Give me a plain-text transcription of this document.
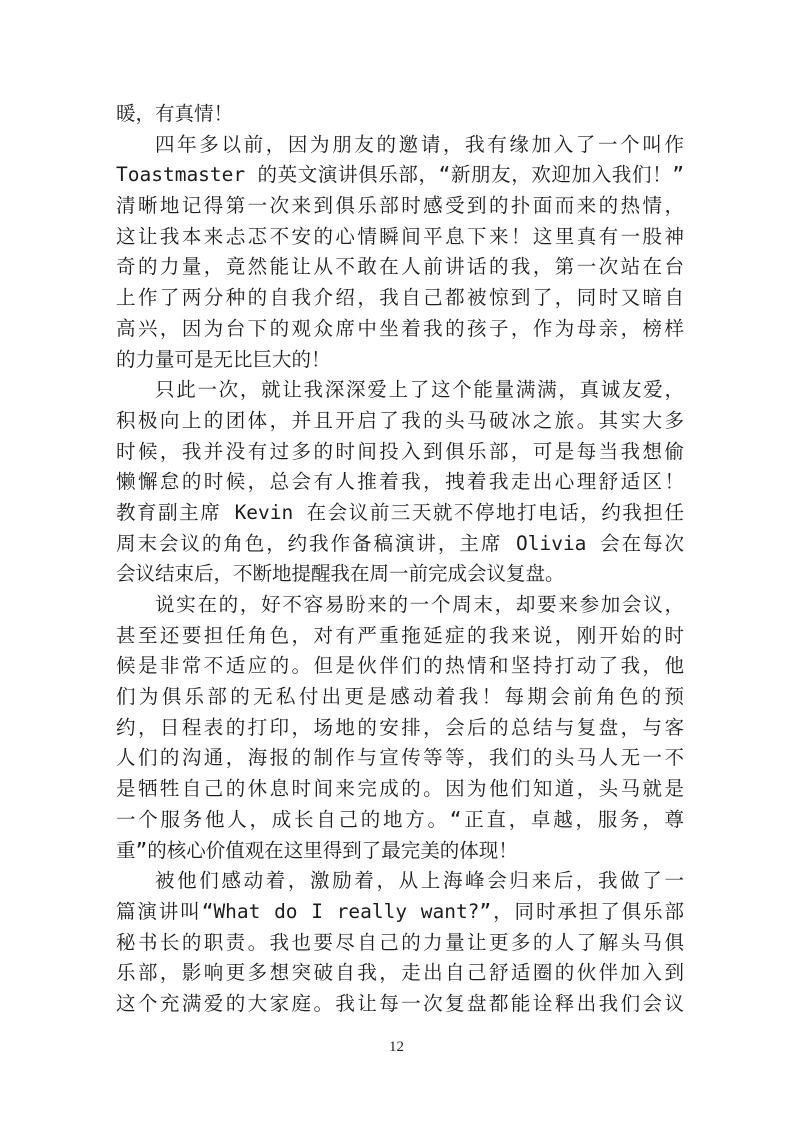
暖，有真情！
四年多以前，因为朋友的邀请，我有缘加入了一个叫作
Toastmaster 的英文演讲俱乐部，“新朋友，欢迎加入我们！”
清晰地记得第一次来到俱乐部时感受到的扑面而来的热情，
这让我本来忐忑不安的心情瞬间平息下来！这里真有一股神
奇的力量，竟然能让从不敢在人前讲话的我，第一次站在台
上作了两分种的自我介绍，我自己都被惊到了，同时又暗自
高兴，因为台下的观众席中坐着我的孩子，作为母亲，榜样
的力量可是无比巨大的！
只此一次，就让我深深爱上了这个能量满满，真诚友爱，
积极向上的团体，并且开启了我的头马破冰之旅。其实大多
时候，我并没有过多的时间投入到俱乐部，可是每当我想偷
懒懈怠的时候，总会有人推着我，拽着我走出心理舒适区！
教育副主席 Kevin 在会议前三天就不停地打电话，约我担任
周末会议的角色，约我作备稿演讲，主席 Olivia 会在每次
会议结束后，不断地提醒我在周一前完成会议复盘。
说实在的，好不容易盼来的一个周末，却要来参加会议，
甚至还要担任角色，对有严重拖延症的我来说，刚开始的时
候是非常不适应的。但是伙伴们的热情和坚持打动了我，他
们为俱乐部的无私付出更是感动着我！每期会前角色的预
约，日程表的打印，场地的安排，会后的总结与复盘，与客
人们的沟通，海报的制作与宣传等等，我们的头马人无一不
是牺牲自己的休息时间来完成的。因为他们知道，头马就是
一个服务他人，成长自己的地方。“正直，卓越，服务，尊
重”的核心价值观在这里得到了最完美的体现！
被他们感动着，激励着，从上海峰会归来后，我做了一
篇演讲叫“What do I really want?”，同时承担了俱乐部
秘书长的职责。我也要尽自己的力量让更多的人了解头马俱
乐部，影响更多想突破自我，走出自己舒适圈的伙伴加入到
这个充满爱的大家庭。我让每一次复盘都能诠释出我们会议
12
